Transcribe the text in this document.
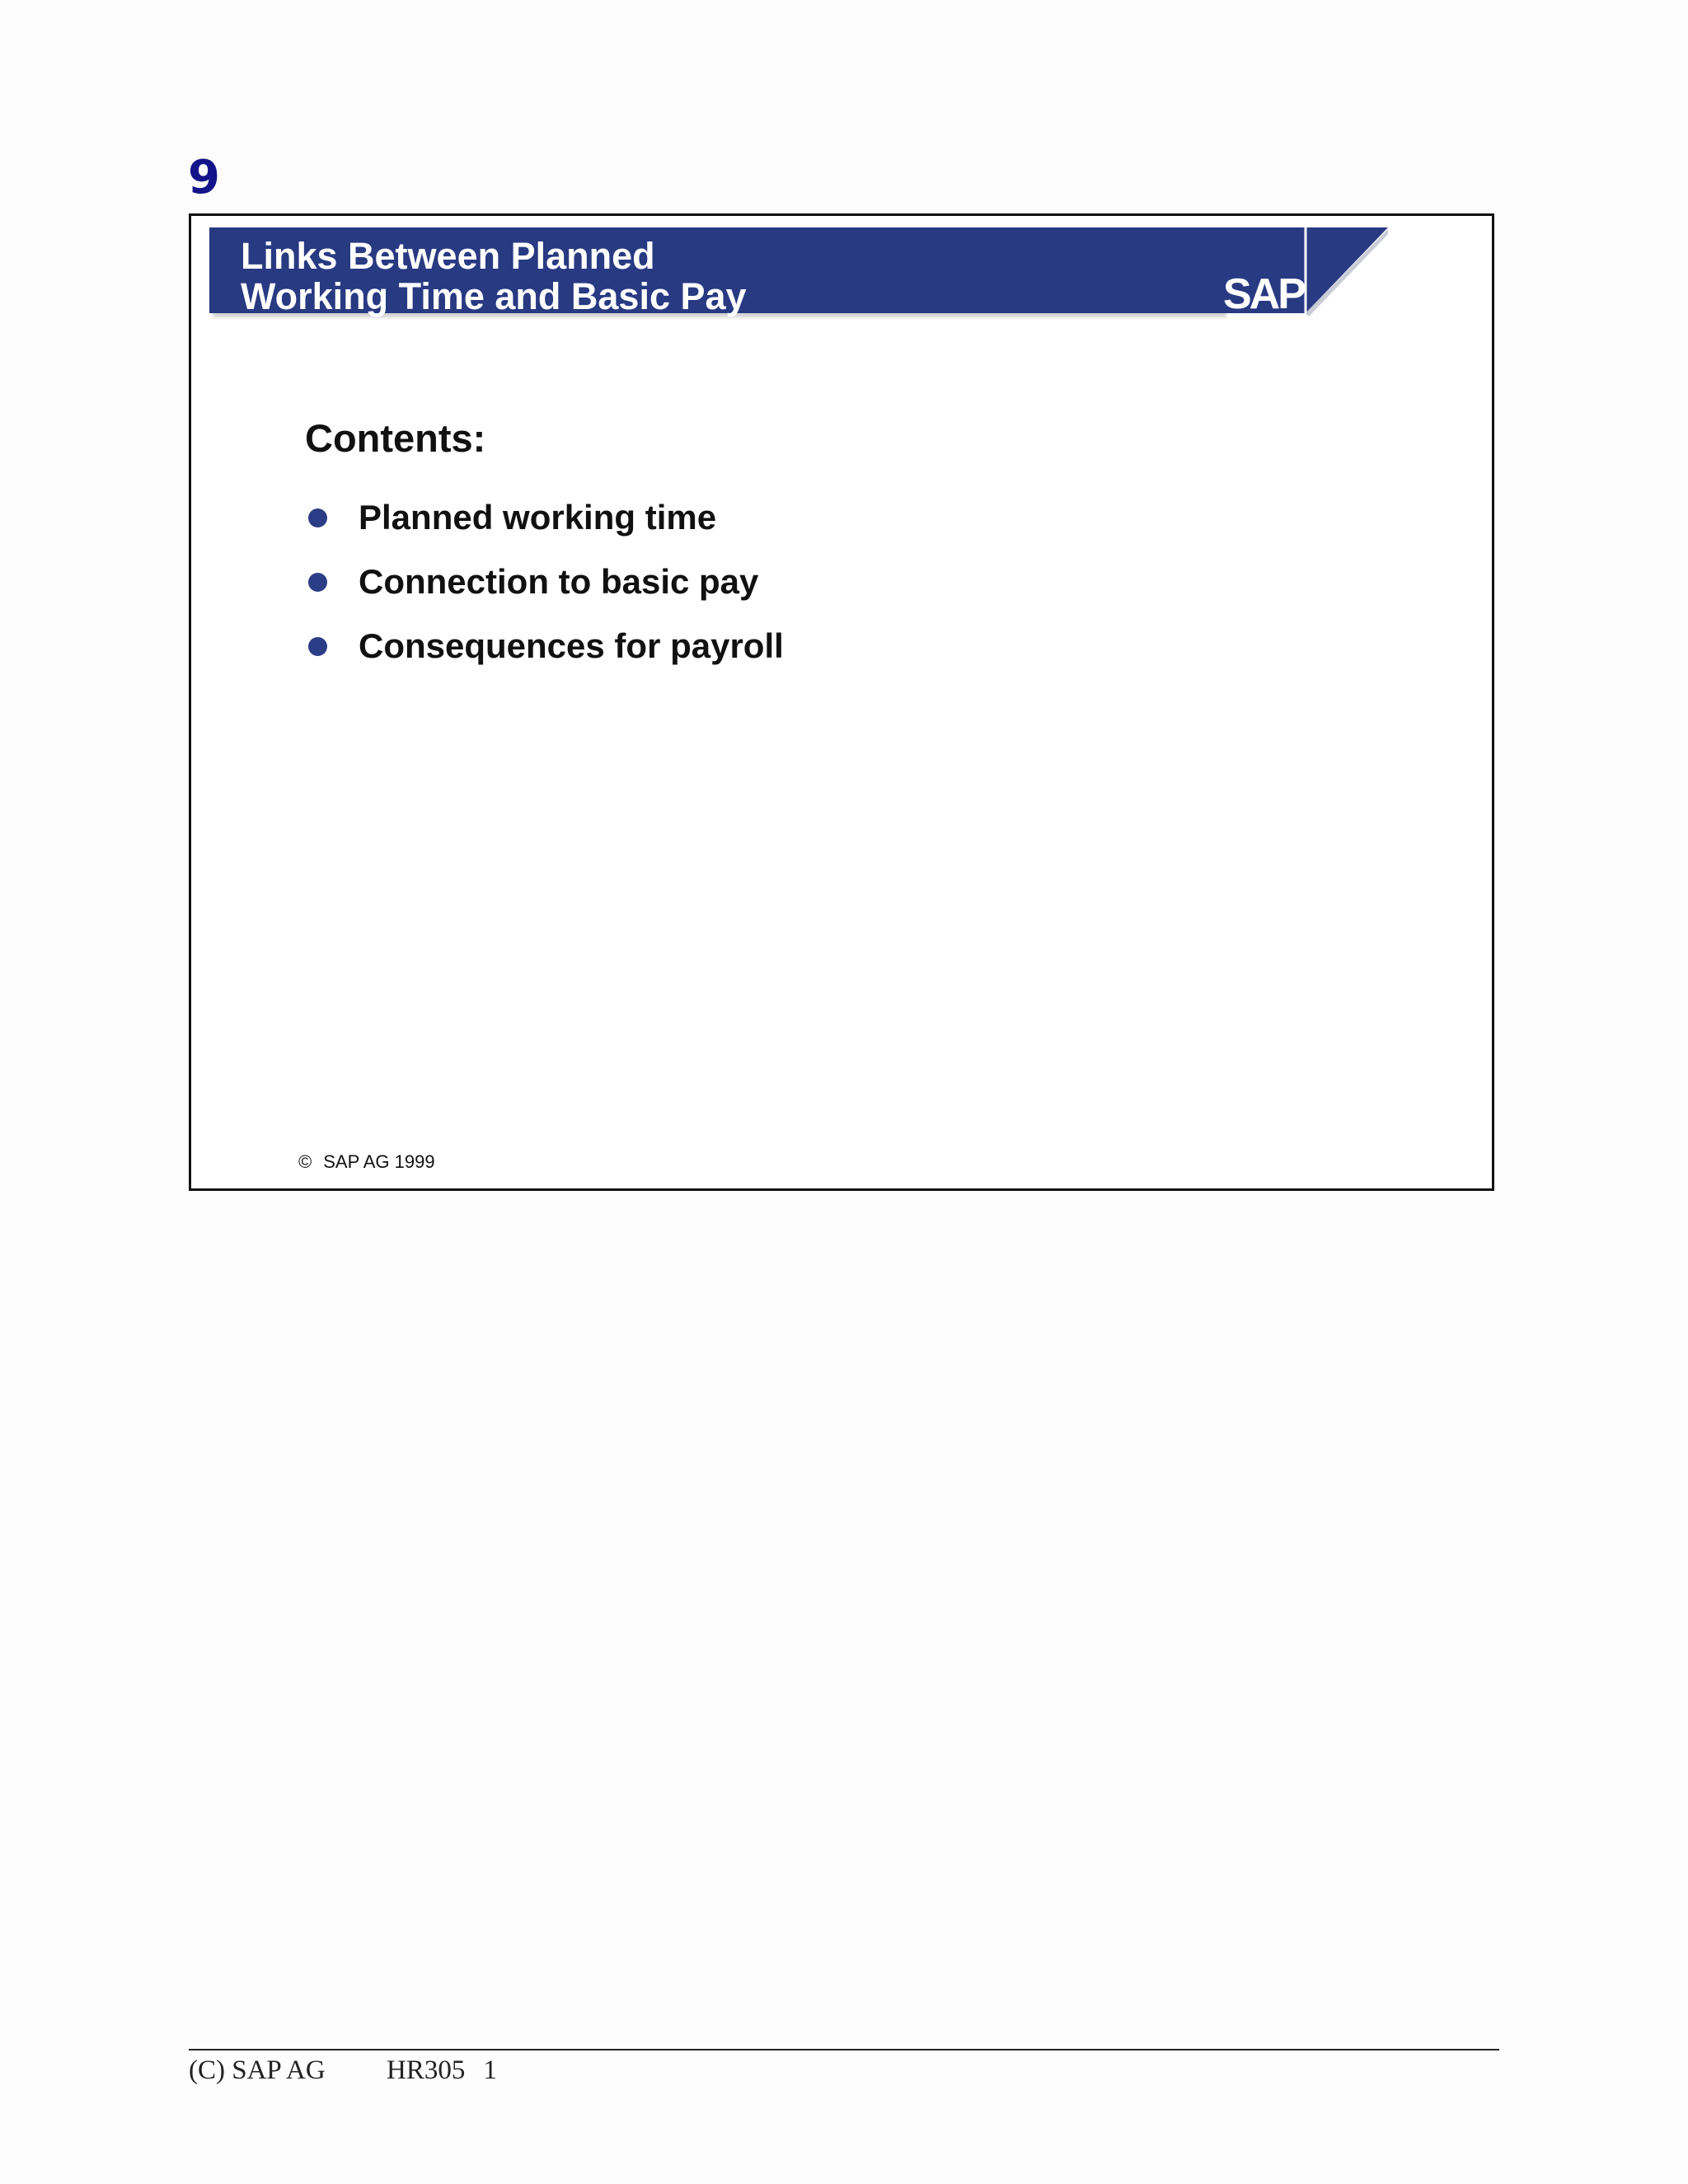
9
Links Between Planned
Working Time and Basic Pay	SAP

Contents:

Planned working time
Connection to basic pay
Consequences for payroll
© SAP AG 1999
(C) SAP AG HR305 1
